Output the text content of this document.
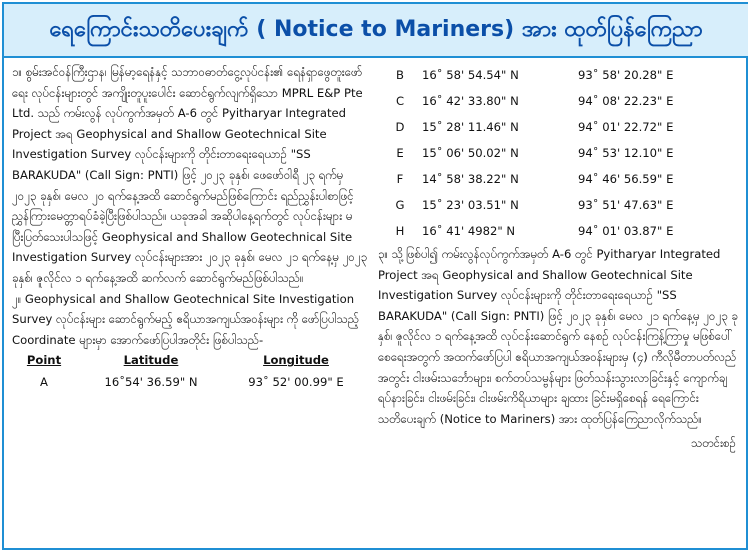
ရေကြောင်းသတိပေးချက် ( Notice to Mariners) အား ထုတ်ပြန်ကြေညာ

၁။ စွမ်းအင်ဝန်ကြီးဌာန၊ မြန်မာ့ရေနံနှင့် သဘာဝဓာတ်ငွေ့လုပ်ငန်း၏ ရေနံရှာဖွေတူးဖော်ရေး လုပ်ငန်းများတွင် အကျိုးတူပူးပေါင်း ဆောင်ရွက်လျက်ရှိသော MPRL E&P Pte Ltd. သည် ကမ်းလွန် လုပ်ကွက်အမှတ် A-6 တွင် Pyitharyar Integrated Project အရ Geophysical and Shallow Geotechnical Site Investigation Survey လုပ်ငန်းများကို တိုင်းတာရေးရေယာဉ် "SS BARAKUDA" (Call Sign: PNTI) ဖြင့် ၂၀၂၃ ခုနှစ်၊ ဖေဖော်ဝါရီ ၂၃ ရက်မှ ၂၀၂၃ ခုနှစ်၊ မေလ ၂၀ ရက်နေ့အထိ ဆောင်ရွက်မည်ဖြစ်ကြောင်း ရည်ညွှန်းပါစာဖြင့် ညွှန်ကြားမေတ္တာရပ်ခံခဲ့ပြီးဖြစ်ပါသည်။ ယခုအခါ အဆိုပါနေ့ရက်တွင် လုပ်ငန်းများ မပြီးပြတ်သေးပါသဖြင့် Geophysical and Shallow Geotechnical Site Investigation Survey လုပ်ငန်းများအား ၂၀၂၃ ခုနှစ်၊ မေလ ၂၁ ရက်နေ့မှ ၂၀၂၃ ခုနှစ်၊ ဇူလိုင်လ ၁ ရက်နေ့အထိ ဆက်လက် ဆောင်ရွက်မည်ဖြစ်ပါသည်။

၂။ Geophysical and Shallow Geotechnical Site Investigation Survey လုပ်ငန်းများ ဆောင်ရွက်မည့် ဧရိယာအကျယ်အဝန်းများ ကို ဖော်ပြပါသည့် Coordinate များမှာ အောက်ဖော်ပြပါအတိုင်း ဖြစ်ပါသည်-

Point	Latitude	Longitude
A	16˚54' 36.59" N	93˚ 52' 00.99" E
B	16˚ 58' 54.54" N	93˚ 58' 20.28" E
C	16˚ 42' 33.80" N	94˚ 08' 22.23" E
D	15˚ 28' 11.46" N	94˚ 01' 22.72" E
E	15˚ 06' 50.02" N	94˚ 53' 12.10" E
F	14˚ 58' 38.22" N	94˚ 46' 56.59" E
G	15˚ 23' 03.51" N	93˚ 51' 47.63" E
H	16˚ 41' 4982" N	94˚ 01' 03.87" E

၃။ သို့ဖြစ်ပါ၍ ကမ်းလွန်လုပ်ကွက်အမှတ် A-6 တွင် Pyitharyar Integrated Project အရ Geophysical and Shallow Geotechnical Site Investigation Survey လုပ်ငန်းများကို တိုင်းတာရေးရေယာဉ် "SS BARAKUDA" (Call Sign: PNTI) ဖြင့် ၂၀၂၃ ခုနှစ်၊ မေလ ၂၁ ရက်နေ့မှ ၂၀၂၃ ခုနှစ်၊ ဇူလိုင်လ ၁ ရက်နေ့အထိ လုပ်ငန်းဆောင်ရွက် နေစဉ် လုပ်ငန်းကြန့်ကြာမှု မဖြစ်ပေါ်စေရေးအတွက် အထက်ဖော်ပြပါ ဧရိယာအကျယ်အဝန်းများမှ (၄) ကီလိုမီတာပတ်လည်အတွင်း ငါးဖမ်းသင်္ဘောများ၊ စက်တပ်သမ္ဗန်များ ဖြတ်သန်းသွားလာခြင်းနှင့် ကျောက်ချရပ်နားခြင်း၊ ငါးဖမ်းခြင်း၊ ငါးဖမ်းကိရိယာများ ချထား ခြင်းမရှိစေရန် ရေကြောင်းသတိပေးချက် (Notice to Mariners) အား ထုတ်ပြန်ကြေညာလိုက်သည်။

သတင်းစဉ်
